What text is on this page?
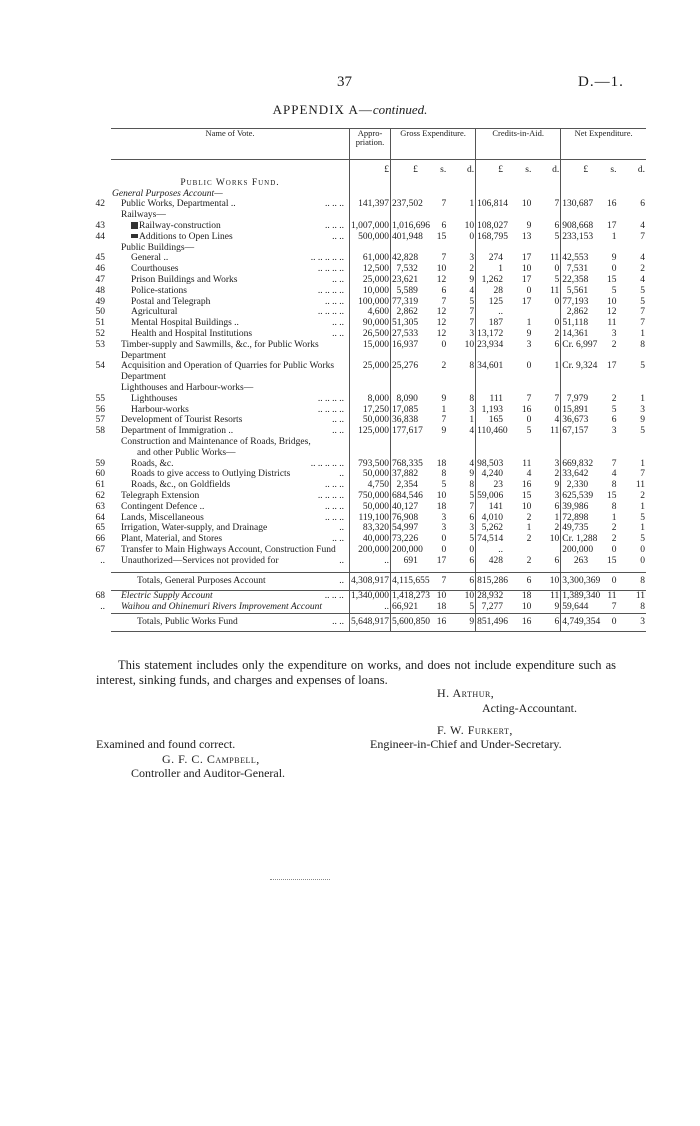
37	D.—1.
APPENDIX A—continued.
	Name of Vote.	Appro- priation.	Gross Expenditure.			Credits-in-Aid.			Net Expenditure.		
		£	£	s.	d.	£	s.	d.	£	s.	d.
	Public Works Fund.										
	General Purposes Account—										
42	Public Works, Departmental .. .. .. ..	141,397	237,502	7	1	106,814	10	7	130,687	16	6
	Railways—										
43	Railway-construction .. .. ..	1,007,000	1,016,696	6	10	108,027	9	6	908,668	17	4
44	Additions to Open Lines .. ..	500,000	401,948	15	0	168,795	13	5	233,153	1	7
	Public Buildings—										
45	General .. .. .. .. .. ..	61,000	42,828	7	3	274	17	11	42,553	9	4
46	Courthouses .. .. .. ..	12,500	7,532	10	2	1	10	0	7,531	0	2
47	Prison Buildings and Works .. ..	25,000	23,621	12	9	1,262	17	5	22,358	15	4
48	Police-stations .. .. .. ..	10,000	5,589	6	4	28	0	11	5,561	5	5
49	Postal and Telegraph .. .. ..	100,000	77,319	7	5	125	17	0	77,193	10	5
50	Agricultural .. .. .. ..	4,600	2,862	12	7	..			2,862	12	7
51	Mental Hospital Buildings .. .. ..	90,000	51,305	12	7	187	1	0	51,118	11	7
52	Health and Hospital Institutions .. ..	26,500	27,533	12	3	13,172	9	2	14,361	3	1
53	Timber-supply and Sawmills, &c., for Public Works Department	15,000	16,937	0	10	23,934	3	6	Cr. 6,997	2	8
54	Acquisition and Operation of Quarries for Public Works Department	25,000	25,276	2	8	34,601	0	1	Cr. 9,324	17	5
	Lighthouses and Harbour-works—										
55	Lighthouses .. .. .. ..	8,000	8,090	9	8	111	7	7	7,979	2	1
56	Harbour-works .. .. .. ..	17,250	17,085	1	3	1,193	16	0	15,891	5	3
57	Development of Tourist Resorts .. ..	50,000	36,838	7	1	165	0	4	36,673	6	9
58	Department of Immigration .. .. ..	125,000	177,617	9	4	110,460	5	11	67,157	3	5
	Construction and Maintenance of Roads, Bridges,										
	and other Public Works—										
59	Roads, &c. .. .. .. .. ..	793,500	768,335	18	4	98,503	11	3	669,832	7	1
60	Roads to give access to Outlying Districts ..	50,000	37,882	8	9	4,240	4	2	33,642	4	7
61	Roads, &c., on Goldfields .. .. ..	4,750	2,354	5	8	23	16	9	2,330	8	11
62	Telegraph Extension .. .. .. ..	750,000	684,546	10	5	59,006	15	3	625,539	15	2
63	Contingent Defence .. .. .. ..	50,000	40,127	18	7	141	10	6	39,986	8	1
64	Lands, Miscellaneous .. .. ..	119,100	76,908	3	6	4,010	2	1	72,898	1	5
65	Irrigation, Water-supply, and Drainage ..	83,320	54,997	3	3	5,262	1	2	49,735	2	1
66	Plant, Material, and Stores .. ..	40,000	73,226	0	5	74,514	2	10	Cr. 1,288	2	5
67	Transfer to Main Highways Account, Construction Fund	200,000	200,000	0	0	..			200,000	0	0
..	Unauthorized—Services not provided for ..	..	691	17	6	428	2	6	263	15	0

	Totals, General Purposes Account ..	4,308,917	4,115,655	7	6	815,286	6	10	3,300,369	0	8
68	Electric Supply Account .. .. ..	1,340,000	1,418,273	10	10	28,932	18	11	1,389,340	11	11
..	Waihou and Ohinemuri Rivers Improvement Account	..	66,921	18	5	7,277	10	9	59,644	7	8
	Totals, Public Works Fund .. ..	5,648,917	5,600,850	16	9	851,496	16	6	4,749,354	0	3

This statement includes only the expenditure on works, and does not include expenditure such as interest, sinking funds, and charges and expenses of loans.

H. Arthur,
Acting-Accountant.
F. W. Furkert,
Engineer-in-Chief and Under-Secretary.
Examined and found correct.
G. F. C. Campbell,
Controller and Auditor-General.
